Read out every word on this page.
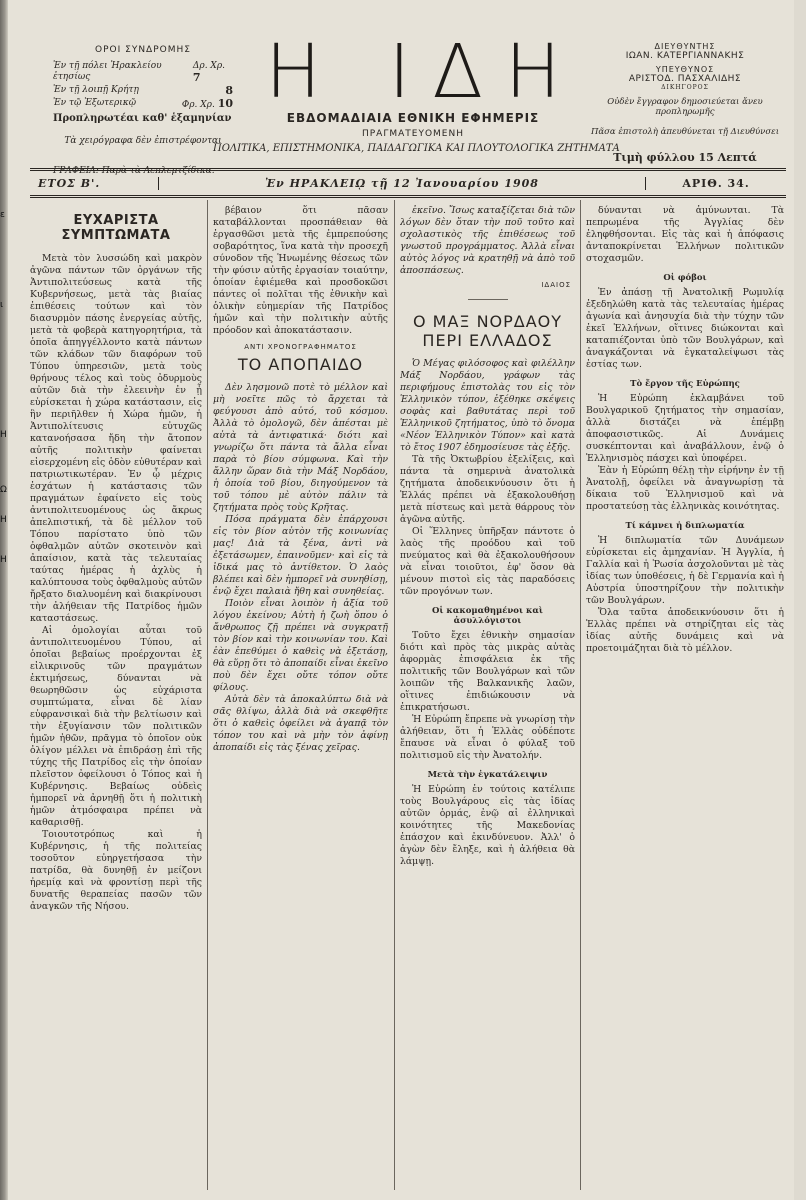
ε
ι
Η
Ω
Η
Η
ΟΡΟΙ ΣΥΝΔΡΟΜΗΣ
Ἐν τῇ πόλει Ἡρακλείου ἐτησίως
Δρ. Χρ. 7
Ἐν τῇ λοιπῇ Κρήτῃ	8
Ἐν τῷ Ἐξωτερικῷ	Φρ. Χρ. 10
Προπληρωτέαι καθ' ἑξαμηνίαν
Τὰ χειρόγραφα δὲν ἐπιστρέφονται
ΓΡΑΦΕΙΑ: Παρὰ τὰ Λεπλεμτζίδικα.
Η ΙΔΗ
ΕΒΔΟΜΑΔΙΑΙΑ ΕΘΝΙΚΗ ΕΦΗΜΕΡΙΣ
ΠΡΑΓΜΑΤΕΥΟΜΕΝΗ
ΠΟΛΙΤΙΚΑ, ΕΠΙΣΤΗΜΟΝΙΚΑ, ΠΑΙΔΑΓΩΓΙΚΑ ΚΑΙ ΠΛΟΥΤΟΛΟΓΙΚΑ ΖΗΤΗΜΑΤΑ
ΔΙΕΥΘΥΝΤΗΣ
ΙΩΑΝ. ΚΑΤΕΡΓΙΑΝΝΑΚΗΣ
ΥΠΕΥΘΥΝΟΣ
ΑΡΙΣΤΟΔ. ΠΑΣΧΑΛΙΔΗΣ
ΔΙΚΗΓΟΡΟΣ
Οὐδὲν ἔγγραφον δημοσιεύεται ἄνευ προπληρωμῆς
Πᾶσα ἐπιστολὴ ἀπευθύνεται τῇ Διευθύνσει
Τιμὴ φύλλου 15 Λεπτά
ΕΤΟΣ Β'.	Ἐν ΗΡΑΚΛΕΙῼ τῇ 12 Ἰανουαρίου 1908	ΑΡΙΘ. 34.
ΕΥΧΑΡΙΣΤΑ ΣΥΜΠΤΩΜΑΤΑ

Μετὰ τὸν λυσσώδη καὶ μακρὸν ἀγῶνα πάντων τῶν ὀργάνων τῆς Ἀντιπολιτεύσεως κατὰ τῆς Κυβερνήσεως, μετὰ τὰς βιαίας ἐπιθέσεις τούτων καὶ τὸν διασυρμὸν πάσης ἐνεργείας αὐτῆς, μετὰ τὰ φοβερὰ κατηγορητήρια, τὰ ὁποῖα ἀπηγγέλλοντο κατὰ πάντων τῶν κλάδων τῶν διαφόρων τοῦ Τύπου ὑπηρεσιῶν, μετὰ τοὺς θρήνους τέλος καὶ τοὺς ὀδυρμοὺς αὐτῶν διὰ τὴν ἐλεεινὴν ἐν ᾗ εὑρίσκεται ἡ χώρα κατάστασιν, εἰς ἣν περιῆλθεν ἡ Χώρα ἡμῶν, ἡ Ἀντιπολίτευσις εὐτυχῶς κατανοήσασα ἤδη τὴν ἄτοπον αὐτῆς πολιτικὴν φαίνεται εἰσερχομένη εἰς ὁδὸν εὐθυτέραν καὶ πατριωτικωτέραν. Ἐν ᾧ μέχρις ἐσχάτων ἡ κατάστασις τῶν πραγμάτων ἐφαίνετο εἰς τοὺς ἀντιπολιτευομένους ὡς ἄκρως ἀπελπιστική, τὰ δὲ μέλλον τοῦ Τόπου παρίστατο ὑπὸ τῶν ὀφθαλμῶν αὐτῶν σκοτεινὸν καὶ ἀπαίσιον, κατὰ τὰς τελευταίας ταύτας ἡμέρας ἡ ἀχλὺς ἡ καλύπτουσα τοὺς ὀφθαλμοὺς αὐτῶν ἤρξατο διαλυομένη καὶ διακρίνουσι τὴν ἀλήθειαν τῆς Πατρίδος ἡμῶν καταστάσεως.

Αἱ ὁμολογίαι αὗται τοῦ ἀντιπολιτευομένου Τύπου, αἱ ὁποῖαι βεβαίως προέρχονται ἐξ εἰλικρινοῦς τῶν πραγμάτων ἐκτιμήσεως, δύνανται νὰ θεωρηθῶσιν ὡς εὐχάριστα συμπτώματα, εἶναι δὲ λίαν εὐφρανσικαὶ διὰ τὴν βελτίωσιν καὶ τὴν ἐξυγίανσιν τῶν πολιτικῶν ἡμῶν ἠθῶν, πρᾶγμα τὸ ὁποῖον οὐκ ὀλίγον μέλλει νὰ ἐπιδράσῃ ἐπὶ τῆς τύχης τῆς Πατρίδος εἰς τὴν ὁποίαν πλεῖστον ὀφείλουσι ὁ Τόπος καὶ ἡ Κυβέρνησις. Βεβαίως οὐδεὶς ἠμπορεῖ νὰ ἀρνηθῇ ὅτι ἡ πολιτικὴ ἡμῶν ἀτμόσφαιρα πρέπει νὰ καθαρισθῇ.

Τοιουτοτρόπως καὶ ἡ Κυβέρνησις, ἡ τῆς πολιτείας τοσοῦτον εὐηργετήσασα τὴν πατρίδα, θὰ δυνηθῇ ἐν μείζονι ἠρεμίᾳ καὶ νὰ φροντίσῃ περὶ τῆς δυνατῆς θεραπείας πασῶν τῶν ἀναγκῶν τῆς Νήσου.

βέβαιον ὅτι πᾶσαν καταβάλλονται προσπάθειαν θὰ ἐργασθῶσι μετὰ τῆς ἐμπρεπούσης σοβαρότητος, ἵνα κατὰ τὴν προσεχῆ σύνοδον τῆς Ἡνωμένης θέσεως τῶν τὴν φύσιν αὐτῆς ἐργασίαν τοιαύτην, ὁποίαν ἐφιέμεθα καὶ προσδοκῶσι πάντες οἱ πολῖται τῆς ἐθνικὴν καὶ ὁλικὴν εὐημερίαν τῆς Πατρίδος ἡμῶν καὶ τὴν πολιτικὴν αὐτῆς πρόοδον καὶ ἀποκατάστασιν.

ΑΝΤΙ ΧΡΟΝΟΓΡΑΦΗΜΑΤΟΣ
ΤΟ ΑΠΟΠΑΙΔΟ

Δὲν λησμονῶ ποτὲ τὸ μέλλον καὶ μὴ νοεῖτε πῶς τὸ ἄρχεται τὰ φεύγουσι ἀπὸ αὐτό, τοῦ κόσμου. Ἀλλὰ τὸ ὁμολογῶ, δὲν ἀπέσται μὲ αὐτὰ τὰ ἀντιφατικά· διότι καὶ γνωρίζω ὅτι πάντα τὰ ἄλλα εἶναι παρὰ τὸ βίου σύμφωνα. Καὶ τὴν ἄλλην ὥραν διὰ τὴν Μάξ Νορδάου, ἡ ὁποία τοῦ βίου, διηγούμενον τὰ τοῦ τόπου μὲ αὐτὸν πάλιν τὰ ζητήματα πρὸς τοὺς Κρῆτας.

Πόσα πράγματα δὲν ἐπάρχουσι εἰς τὸν βίον αὐτὸν τῆς κοινωνίας μας! Διὰ τὰ ξένα, ἀντὶ νὰ ἐξετάσωμεν, ἐπαινοῦμεν· καὶ εἰς τὰ ἰδικά μας τὸ ἀντίθετον. Ὁ λαὸς βλέπει καὶ δὲν ἠμπορεῖ νὰ συνηθίσῃ, ἐνῷ ἔχει παλαιὰ ἤθη καὶ συνηθείας.

Ποιὸν εἶναι λοιπὸν ἡ ἀξία τοῦ λόγου ἐκείνου; Αὐτὴ ἡ ζωὴ ὅπου ὁ ἄνθρωπος ζῇ πρέπει νὰ συγκρατῇ τὸν βίον καὶ τὴν κοινωνίαν του. Καὶ ἐὰν ἐπεθύμει ὁ καθεὶς νὰ ἐξετάσῃ, θὰ εὕρῃ ὅτι τὸ ἀποπαίδι εἶναι ἐκεῖνο ποὺ δὲν ἔχει οὔτε τόπον οὔτε φίλους.

Αὐτὰ δὲν τὰ ἀποκαλύπτω διὰ νὰ σᾶς θλίψω, ἀλλὰ διὰ νὰ σκεφθῆτε ὅτι ὁ καθεὶς ὀφείλει νὰ ἀγαπᾷ τὸν τόπον του καὶ νὰ μὴν τὸν ἀφίνῃ ἀποπαίδι εἰς τὰς ξένας χεῖρας.

ἐκεῖνο. Ἴσως καταξίζεται διὰ τῶν λόγων δὲν ὅταν τὴν ποῦ τοῦτο καὶ σχολαστικὸς τῆς ἐπιθέσεως τοῦ γνωστοῦ προγράμματος. Ἀλλὰ εἶναι αὐτὸς λόγος νὰ κρατηθῇ νὰ ἀπὸ τοῦ ἀποσπάσεως.

ΙΔΑΙΟΣ
Ο ΜΑΞ ΝΟΡΔΑΟΥ ΠΕΡΙ ΕΛΛΑΔΟΣ

Ὁ Μέγας φιλόσοφος καὶ φιλέλλην Μάξ Νορδάου, γράφων τὰς περιφήμους ἐπιστολὰς του εἰς τὸν Ἑλληνικὸν τύπον, ἐξέθηκε σκέψεις σοφὰς καὶ βαθυτάτας περὶ τοῦ Ἑλληνικοῦ ζητήματος, ὑπὸ τὸ ὄνομα «Νέον Ἑλληνικὸν Τύπον» καὶ κατὰ τὸ ἔτος 1907 ἐδημοσίευσε τὰς ἑξῆς.

Τὰ τῆς Ὀκτωβρίου ἐξελίξεις, καὶ πάντα τὰ σημερινὰ ἀνατολικὰ ζητήματα ἀποδεικνύουσιν ὅτι ἡ Ἑλλάς πρέπει νὰ ἐξακολουθήσῃ μετὰ πίστεως καὶ μετὰ θάρρους τὸν ἀγῶνα αὐτῆς.

Οἱ Ἕλληνες ὑπῆρξαν πάντοτε ὁ λαὸς τῆς προόδου καὶ τοῦ πνεύματος καὶ θὰ ἐξακολουθήσουν νὰ εἶναι τοιοῦτοι, ἐφ' ὅσον θὰ μένουν πιστοὶ εἰς τὰς παραδόσεις τῶν προγόνων των.

Οἱ κακομαθημένοι καὶ ἀσυλλόγιστοι

Τοῦτο ἔχει ἐθνικὴν σημασίαν διότι καὶ πρὸς τὰς μικρὰς αὐτὰς ἀφορμὰς ἐπισφάλεια ἐκ τῆς πολιτικῆς τῶν Βουλγάρων καὶ τῶν λοιπῶν τῆς Βαλκανικῆς λαῶν, οἵτινες ἐπιδιώκουσιν νὰ ἐπικρατήσωσι.

Ἡ Εὐρώπη ἔπρεπε νὰ γνωρίσῃ τὴν ἀλήθειαν, ὅτι ἡ Ἑλλὰς οὐδέποτε ἔπαυσε νὰ εἶναι ὁ φύλαξ τοῦ πολιτισμοῦ εἰς τὴν Ἀνατολήν.

Μετὰ τὴν ἐγκατάλειψιν

Ἡ Εὐρώπη ἐν τούτοις κατέλιπε τοὺς Βουλγάρους εἰς τὰς ἰδίας αὐτῶν ὁρμάς, ἐνῷ αἱ ἐλληνικαὶ κοινότητες τῆς Μακεδονίας ἐπάσχον καὶ ἐκινδύνευον. Ἀλλ' ὁ ἀγὼν δὲν ἔληξε, καὶ ἡ ἀλήθεια θὰ λάμψῃ.

δύνανται νὰ ἀμύνωνται. Τὰ πεπρωμένα τῆς Ἀγγλίας δὲν ἐληφθήσονται. Εἰς τὰς καὶ ἡ ἀπόφασις ἀνταποκρίνεται Ἑλλήνων πολιτικῶν στοχασμῶν.

Οἱ φόβοι

Ἐν ἀπάσῃ τῇ Ἀνατολικῇ Ρωμυλίᾳ ἐξεδηλώθη κατὰ τὰς τελευταίας ἡμέρας ἀγωνία καὶ ἀνησυχία διὰ τὴν τύχην τῶν ἐκεῖ Ἑλλήνων, οἵτινες διώκονται καὶ καταπιέζονται ὑπὸ τῶν Βουλγάρων, καὶ ἀναγκάζονται νὰ ἐγκαταλείψωσι τὰς ἑστίας των.

Τὸ ἔργον τῆς Εὐρώπης

Ἡ Εὐρώπη ἐκλαμβάνει τοῦ Βουλγαρικοῦ ζητήματος τὴν σημασίαν, ἀλλὰ διστάζει νὰ ἐπέμβῃ ἀποφασιστικῶς. Αἱ Δυνάμεις συσκέπτονται καὶ ἀναβάλλουν, ἐνῷ ὁ Ἑλληνισμὸς πάσχει καὶ ὑποφέρει.

Ἐὰν ἡ Εὐρώπη θέλῃ τὴν εἰρήνην ἐν τῇ Ἀνατολῇ, ὀφείλει νὰ ἀναγνωρίσῃ τὰ δίκαια τοῦ Ἑλληνισμοῦ καὶ νὰ προστατεύσῃ τὰς ἐλληνικὰς κοινότητας.

Τί κάμνει ἡ διπλωματία

Ἡ διπλωματία τῶν Δυνάμεων εὑρίσκεται εἰς ἀμηχανίαν. Ἡ Ἀγγλία, ἡ Γαλλία καὶ ἡ Ῥωσία ἀσχολοῦνται μὲ τὰς ἰδίας των ὑποθέσεις, ἡ δὲ Γερμανία καὶ ἡ Αὐστρία ὑποστηρίζουν τὴν πολιτικὴν τῶν Βουλγάρων.

Ὅλα ταῦτα ἀποδεικνύουσιν ὅτι ἡ Ἑλλὰς πρέπει νὰ στηρίζηται εἰς τὰς ἰδίας αὐτῆς δυνάμεις καὶ νὰ προετοιμάζηται διὰ τὸ μέλλον.
